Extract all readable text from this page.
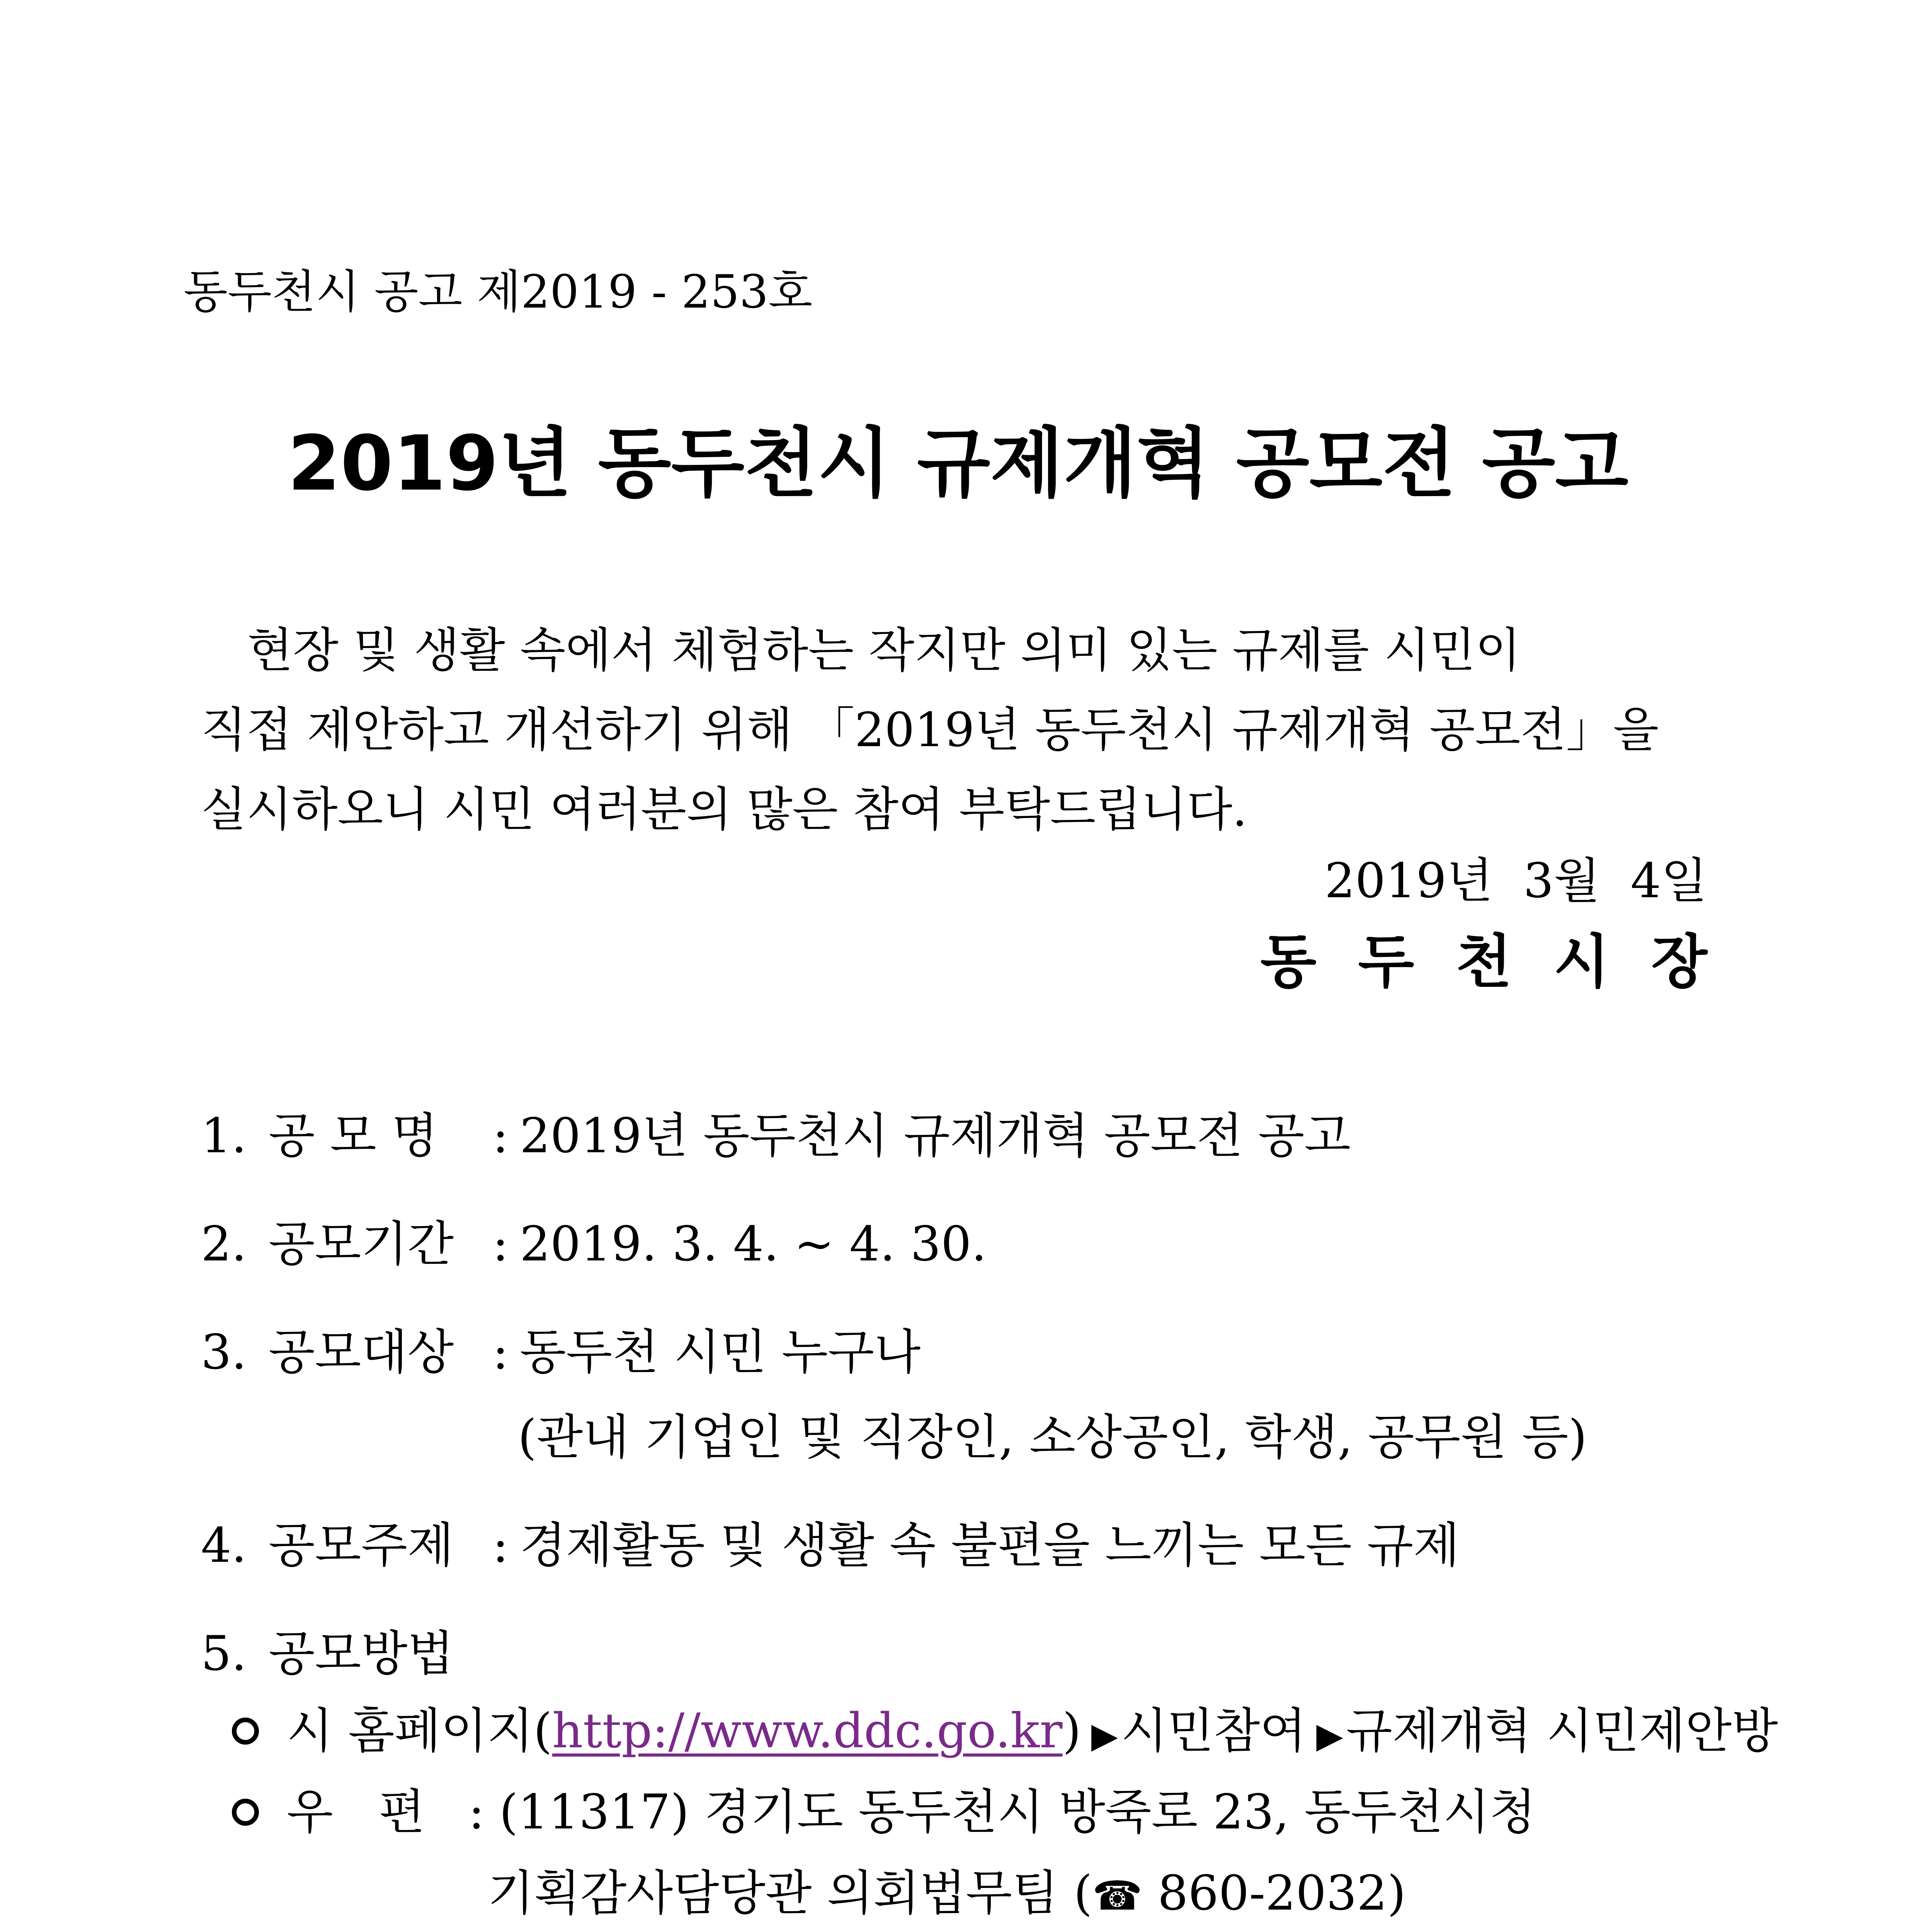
동두천시 공고 제2019 - 253호
2019년 동두천시 규제개혁 공모전 공고
현장 및 생활 속에서 체험하는 작지만 의미 있는 규제를 시민이
직접 제안하고 개선하기 위해 「2019년 동두천시 규제개혁 공모전」을
실시하오니 시민 여러분의 많은 참여 부탁드립니다.
2019년  3월  4일
동두천시장
1. 공 모 명 : 2019년 동두천시 규제개혁 공모전 공고
2. 공모기간 : 2019. 3. 4. ~ 4. 30.
3. 공모대상 : 동두천 시민 누구나
(관내 기업인 및 직장인, 소상공인, 학생, 공무원 등)
4. 공모주제 : 경제활동 및 생활 속 불편을 느끼는 모든 규제
5. 공모방법
시 홈페이지(http://www.ddc.go.kr) ▶시민참여 ▶규제개혁 시민제안방
우   편 : (11317) 경기도 동두천시 방죽로 23, 동두천시청
기획감사담당관 의회법무팀 (☎ 860-2032)
